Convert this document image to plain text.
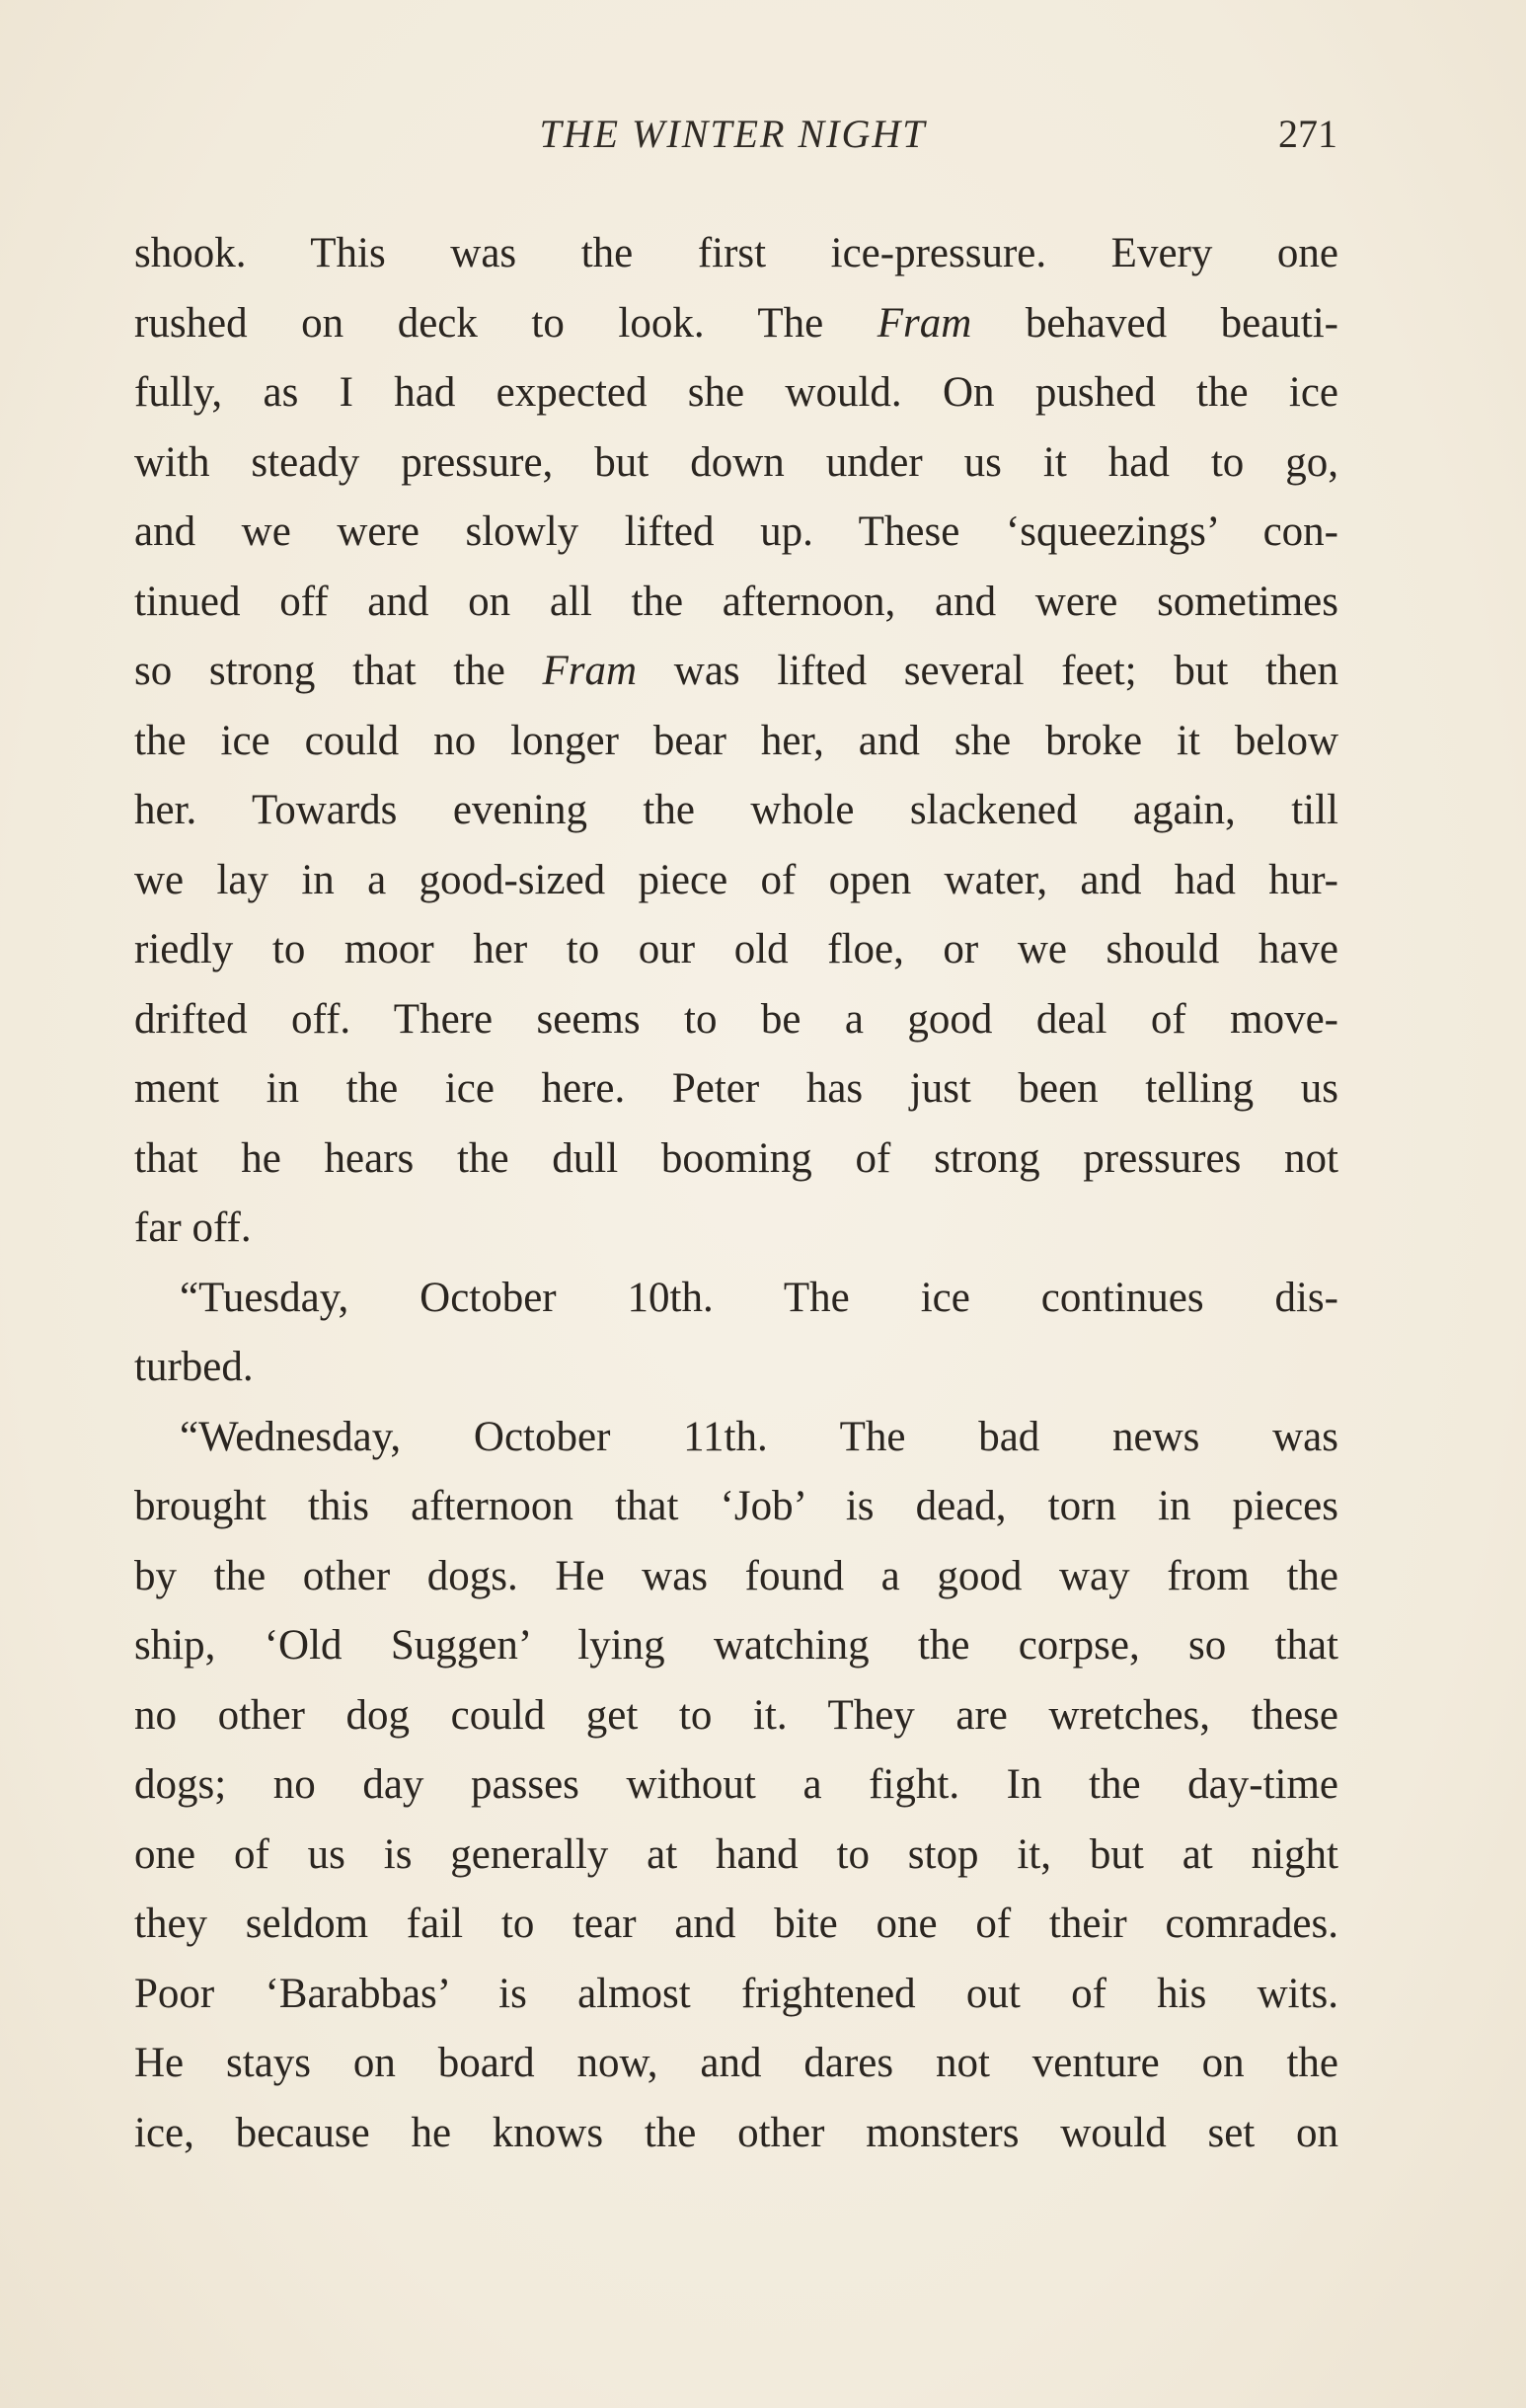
THE WINTER NIGHT	271
shook. This was the first ice-pressure. Every one
rushed on deck to look. The Fram behaved beauti-
fully, as I had expected she would. On pushed the ice
with steady pressure, but down under us it had to go,
and we were slowly lifted up. These ‘squeezings’ con-
tinued off and on all the afternoon, and were sometimes
so strong that the Fram was lifted several feet; but then
the ice could no longer bear her, and she broke it below
her. Towards evening the whole slackened again, till
we lay in a good-sized piece of open water, and had hur-
riedly to moor her to our old floe, or we should have
drifted off. There seems to be a good deal of move-
ment in the ice here. Peter has just been telling us
that he hears the dull booming of strong pressures not
far off.
“Tuesday, October 10th. The ice continues dis-
turbed.
“Wednesday, October 11th. The bad news was
brought this afternoon that ‘Job’ is dead, torn in pieces
by the other dogs. He was found a good way from the
ship, ‘Old Suggen’ lying watching the corpse, so that
no other dog could get to it. They are wretches, these
dogs; no day passes without a fight. In the day-time
one of us is generally at hand to stop it, but at night
they seldom fail to tear and bite one of their comrades.
Poor ‘Barabbas’ is almost frightened out of his wits.
He stays on board now, and dares not venture on the
ice, because he knows the other monsters would set on
